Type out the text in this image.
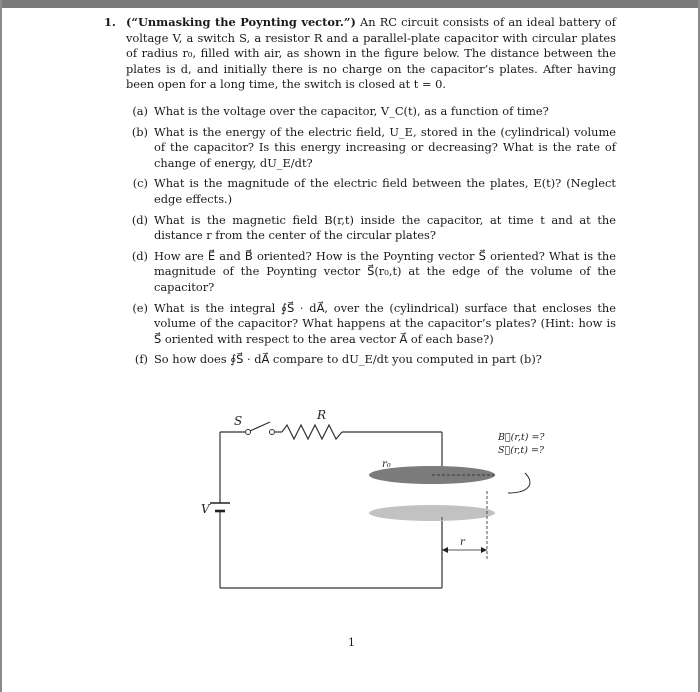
1. (“Unmasking the Poynting vector.”) An RC circuit consists of an ideal battery of voltage V, a switch S, a resistor R and a parallel-plate capacitor with circular plates of radius r₀, filled with air, as shown in the figure below. The distance between the plates is d, and initially there is no charge on the capacitor’s plates. After having been open for a long time, the switch is closed at t = 0.

(a) What is the voltage over the capacitor, V_C(t), as a function of time?
(b) What is the energy of the electric field, U_E, stored in the (cylindrical) volume of the capacitor? Is this energy increasing or decreasing? What is the rate of change of energy, dU_E/dt?
(c) What is the magnitude of the electric field between the plates, E(t)? (Neglect edge effects.)
(d) What is the magnetic field B(r,t) inside the capacitor, at time t and at the distance r from the center of the circular plates?
(d) How are E⃗ and B⃗ oriented? How is the Poynting vector S⃗ oriented? What is the magnitude of the Poynting vector S⃗(r₀,t) at the edge of the volume of the capacitor?
(e) What is the integral ∮S⃗ · dA⃗, over the (cylindrical) surface that encloses the volume of the capacitor? What happens at the capacitor’s plates? (Hint: how is S⃗ oriented with respect to the area vector A⃗ of each base?)
(f) So how does ∮S⃗ · dA⃗ compare to dU_E/dt you computed in part (b)?
S	R
V
r₀
r
B⃗(r,t) =?
S⃗(r,t) =?
1
